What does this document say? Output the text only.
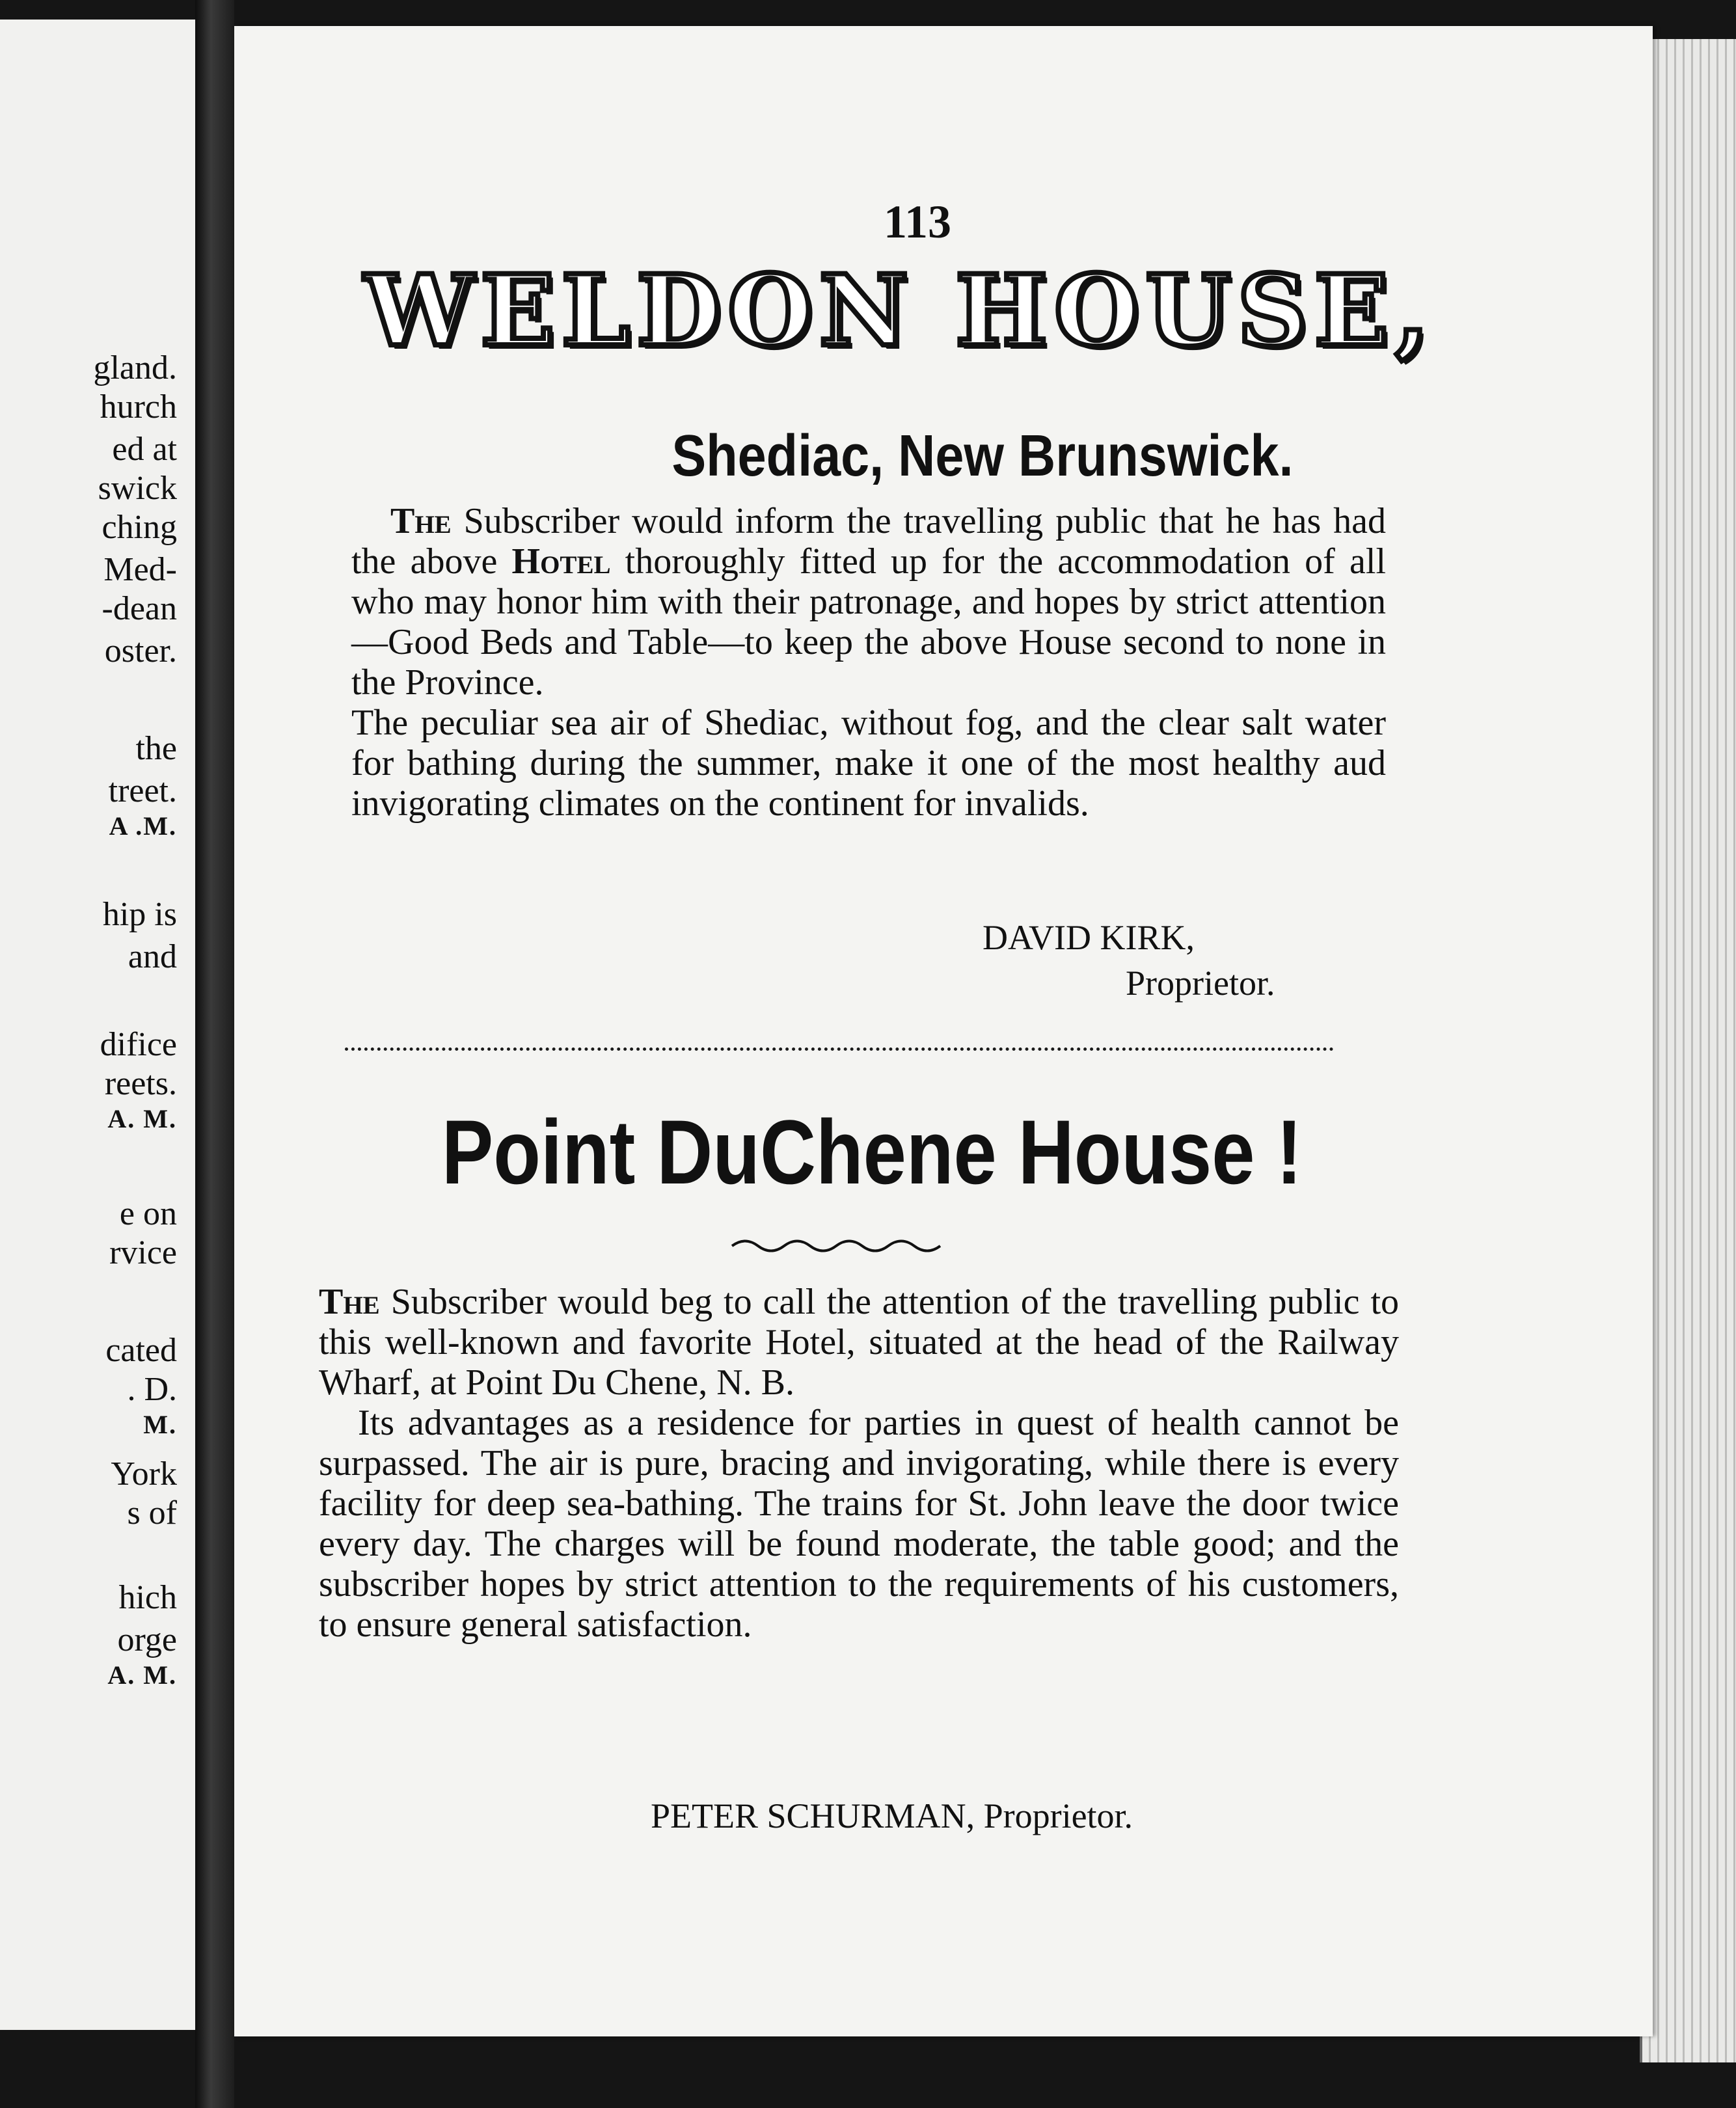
gland.
hurch
ed at
swick
ching
Med-
-dean
oster.
the
treet.
A .M.
hip is
and
difice
reets.
A. M.
e on
rvice
cated
. D.
M.
York
s of
hich
orge
A. M.
113
WELDON HOUSE,
Shediac, New Brunswick.

The Subscriber would inform the travelling public that he has had the above Hotel thoroughly fitted up for the accommodation of all who may honor him with their patronage, and hopes by strict attention—Good Beds and Table—to keep the above House second to none in the Province.

The peculiar sea air of Shediac, without fog, and the clear salt water for bathing during the summer, make it one of the most healthy aud invigorating climates on the continent for invalids.

DAVID KIRK,
Proprietor.
Point DuChene House !

The Subscriber would beg to call the attention of the travelling public to this well-known and favorite Hotel, situated at the head of the Railway Wharf, at Point Du Chene, N. B.

Its advantages as a residence for parties in quest of health cannot be surpassed. The air is pure, bracing and invigorating, while there is every facility for deep sea-bathing. The trains for St. John leave the door twice every day. The charges will be found moderate, the table good; and the subscriber hopes by strict attention to the requirements of his customers, to ensure general satisfaction.

PETER SCHURMAN, Proprietor.
